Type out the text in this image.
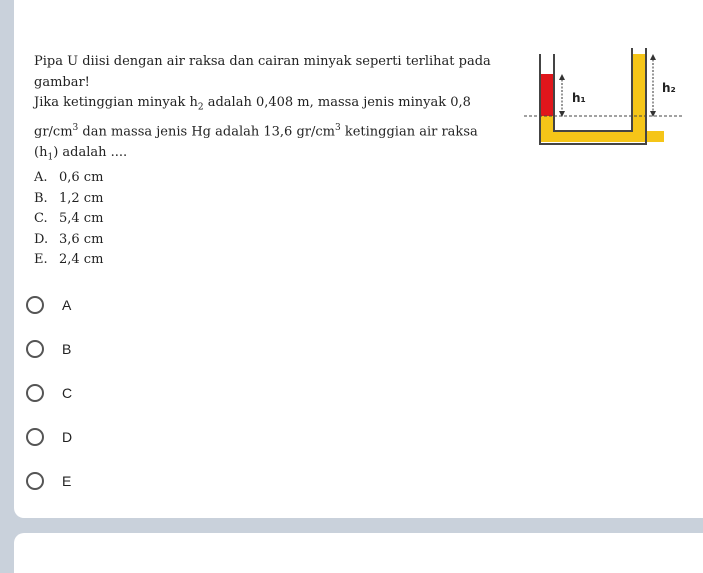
Pipa U diisi dengan air raksa dan cairan minyak seperti terlihat pada

gambar!

Jika ketinggian minyak $h_2$ adalah 0,408 m, massa jenis minyak 0,8

$gr/cm^3$ dan massa jenis Hg adalah 13,6 $gr/cm^3$ ketinggian air raksa

$(h_1)$ adalah ....

A. 0,6 cm
B. 1,2 cm
C. 5,4 cm
D. 3,6 cm
E. 2,4 cm
h₁
h₂
A
B
C
D
E
